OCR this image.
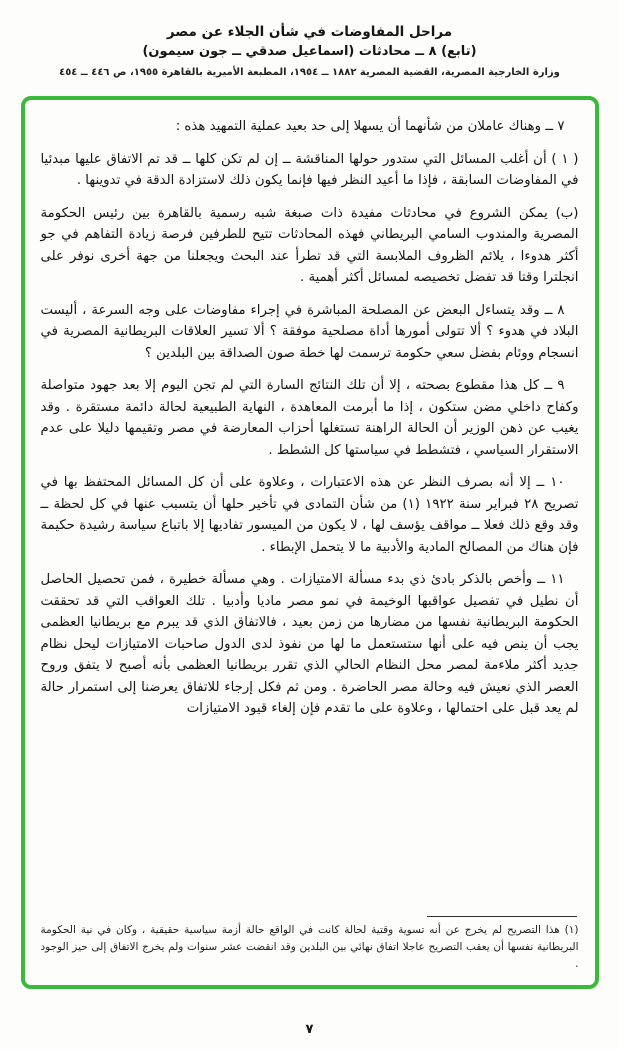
مراحل المفاوضات في شأن الجلاء عن مصر
(تابع) ٨ ــ محادثات (اسماعيل صدقي ــ جون سيمون)
وزارة الخارجية المصرية، القضية المصرية ١٨٨٢ ــ ١٩٥٤، المطبعة الأميرية بالقاهرة ١٩٥٥، ص ٤٤٦ ــ ٤٥٤

٧ ــ وهناك عاملان من شأنهما أن يسهلا إلى حد بعيد عملية التمهيد هذه :

( ١ ) أن أغلب المسائل التي ستدور حولها المناقشة ــ إن لم تكن كلها ــ قد تم الاتفاق عليها مبدئيا في المفاوضات السابقة ، فإذا ما أعيد النظر فيها فإنما يكون ذلك لاستزادة الدقة في تدوينها .

(ب) يمكن الشروع في محادثات مفيدة ذات صبغة شبه رسمية بالقاهرة بين رئيس الحكومة المصرية والمندوب السامي البريطاني فهذه المحادثات تتيح للطرفين فرصة زيادة التفاهم في جو أكثر هدوءا ، يلائم الظروف الملابسة التي قد تطرأ عند البحث ويجعلنا من جهة أخرى نوفر على انجلترا وقتا قد تفضل تخصيصه لمسائل أكثر أهمية .

٨ ــ وقد يتساءل البعض عن المصلحة المباشرة في إجراء مفاوضات على وجه السرعة ، أليست البلاد في هدوء ؟ ألا تتولى أمورها أداة مصلحية موفقة ؟ ألا تسير العلاقات البريطانية المصرية في انسجام ووئام بفضل سعي حكومة ترسمت لها خطة صون الصداقة بين البلدين ؟

٩ ــ كل هذا مقطوع بصحته ، إلا أن تلك النتائج السارة التي لم تجن اليوم إلا بعد جهود متواصلة وكفاح داخلي مضن ستكون ، إذا ما أبرمت المعاهدة ، النهاية الطبيعية لحالة دائمة مستقرة . وقد يغيب عن ذهن الوزير أن الحالة الراهنة تستغلها أحزاب المعارضة في مصر وتقيمها دليلا على عدم الاستقرار السياسي ، فتشطط في سياستها كل الشطط .

١٠ ــ إلا أنه بصرف النظر عن هذه الاعتبارات ، وعلاوة على أن كل المسائل المحتفظ بها في تصريح ٢٨ فبراير سنة ١٩٢٢ (١) من شأن التمادى في تأخير حلها أن يتسبب عنها في كل لحظة ــ وقد وقع ذلك فعلا ــ مواقف يؤسف لها ، لا يكون من الميسور تفاديها إلا باتباع سياسة رشيدة حكيمة فإن هناك من المصالح المادية والأدبية ما لا يتحمل الإبطاء .

١١ ــ وأخص بالذكر بادئ ذي بدء مسألة الامتيازات . وهي مسألة خطيرة ، فمن تحصيل الحاصل أن نطيل في تفصيل عواقبها الوخيمة في نمو مصر ماديا وأدبيا . تلك العواقب التي قد تحققت الحكومة البريطانية نفسها من مضارها من زمن بعيد ، فالاتفاق الذي قد يبرم مع بريطانيا العظمى يجب أن ينص فيه على أنها ستستعمل ما لها من نفوذ لدى الدول صاحبات الامتيازات ليحل نظام جديد أكثر ملاءمة لمصر محل النظام الحالي الذي تقرر بريطانيا العظمى بأنه أصبح لا يتفق وروح العصر الذي نعيش فيه وحالة مصر الحاضرة . ومن ثم فكل إرجاء للاتفاق يعرضنا إلى استمرار حالة لم يعد قبل على احتمالها ، وعلاوة على ما تقدم فإن إلغاء قيود الامتيازات

(١) هذا التصريح لم يخرج عن أنه تسوية وقتية لحالة كانت في الواقع حالة أزمة سياسية حقيقية ، وكان في نية الحكومة البريطانية نفسها أن يعقب التصريح عاجلا اتفاق نهائي بين البلدين وقد انقضت عشر سنوات ولم يخرج الاتفاق إلى حيز الوجود .
٧
